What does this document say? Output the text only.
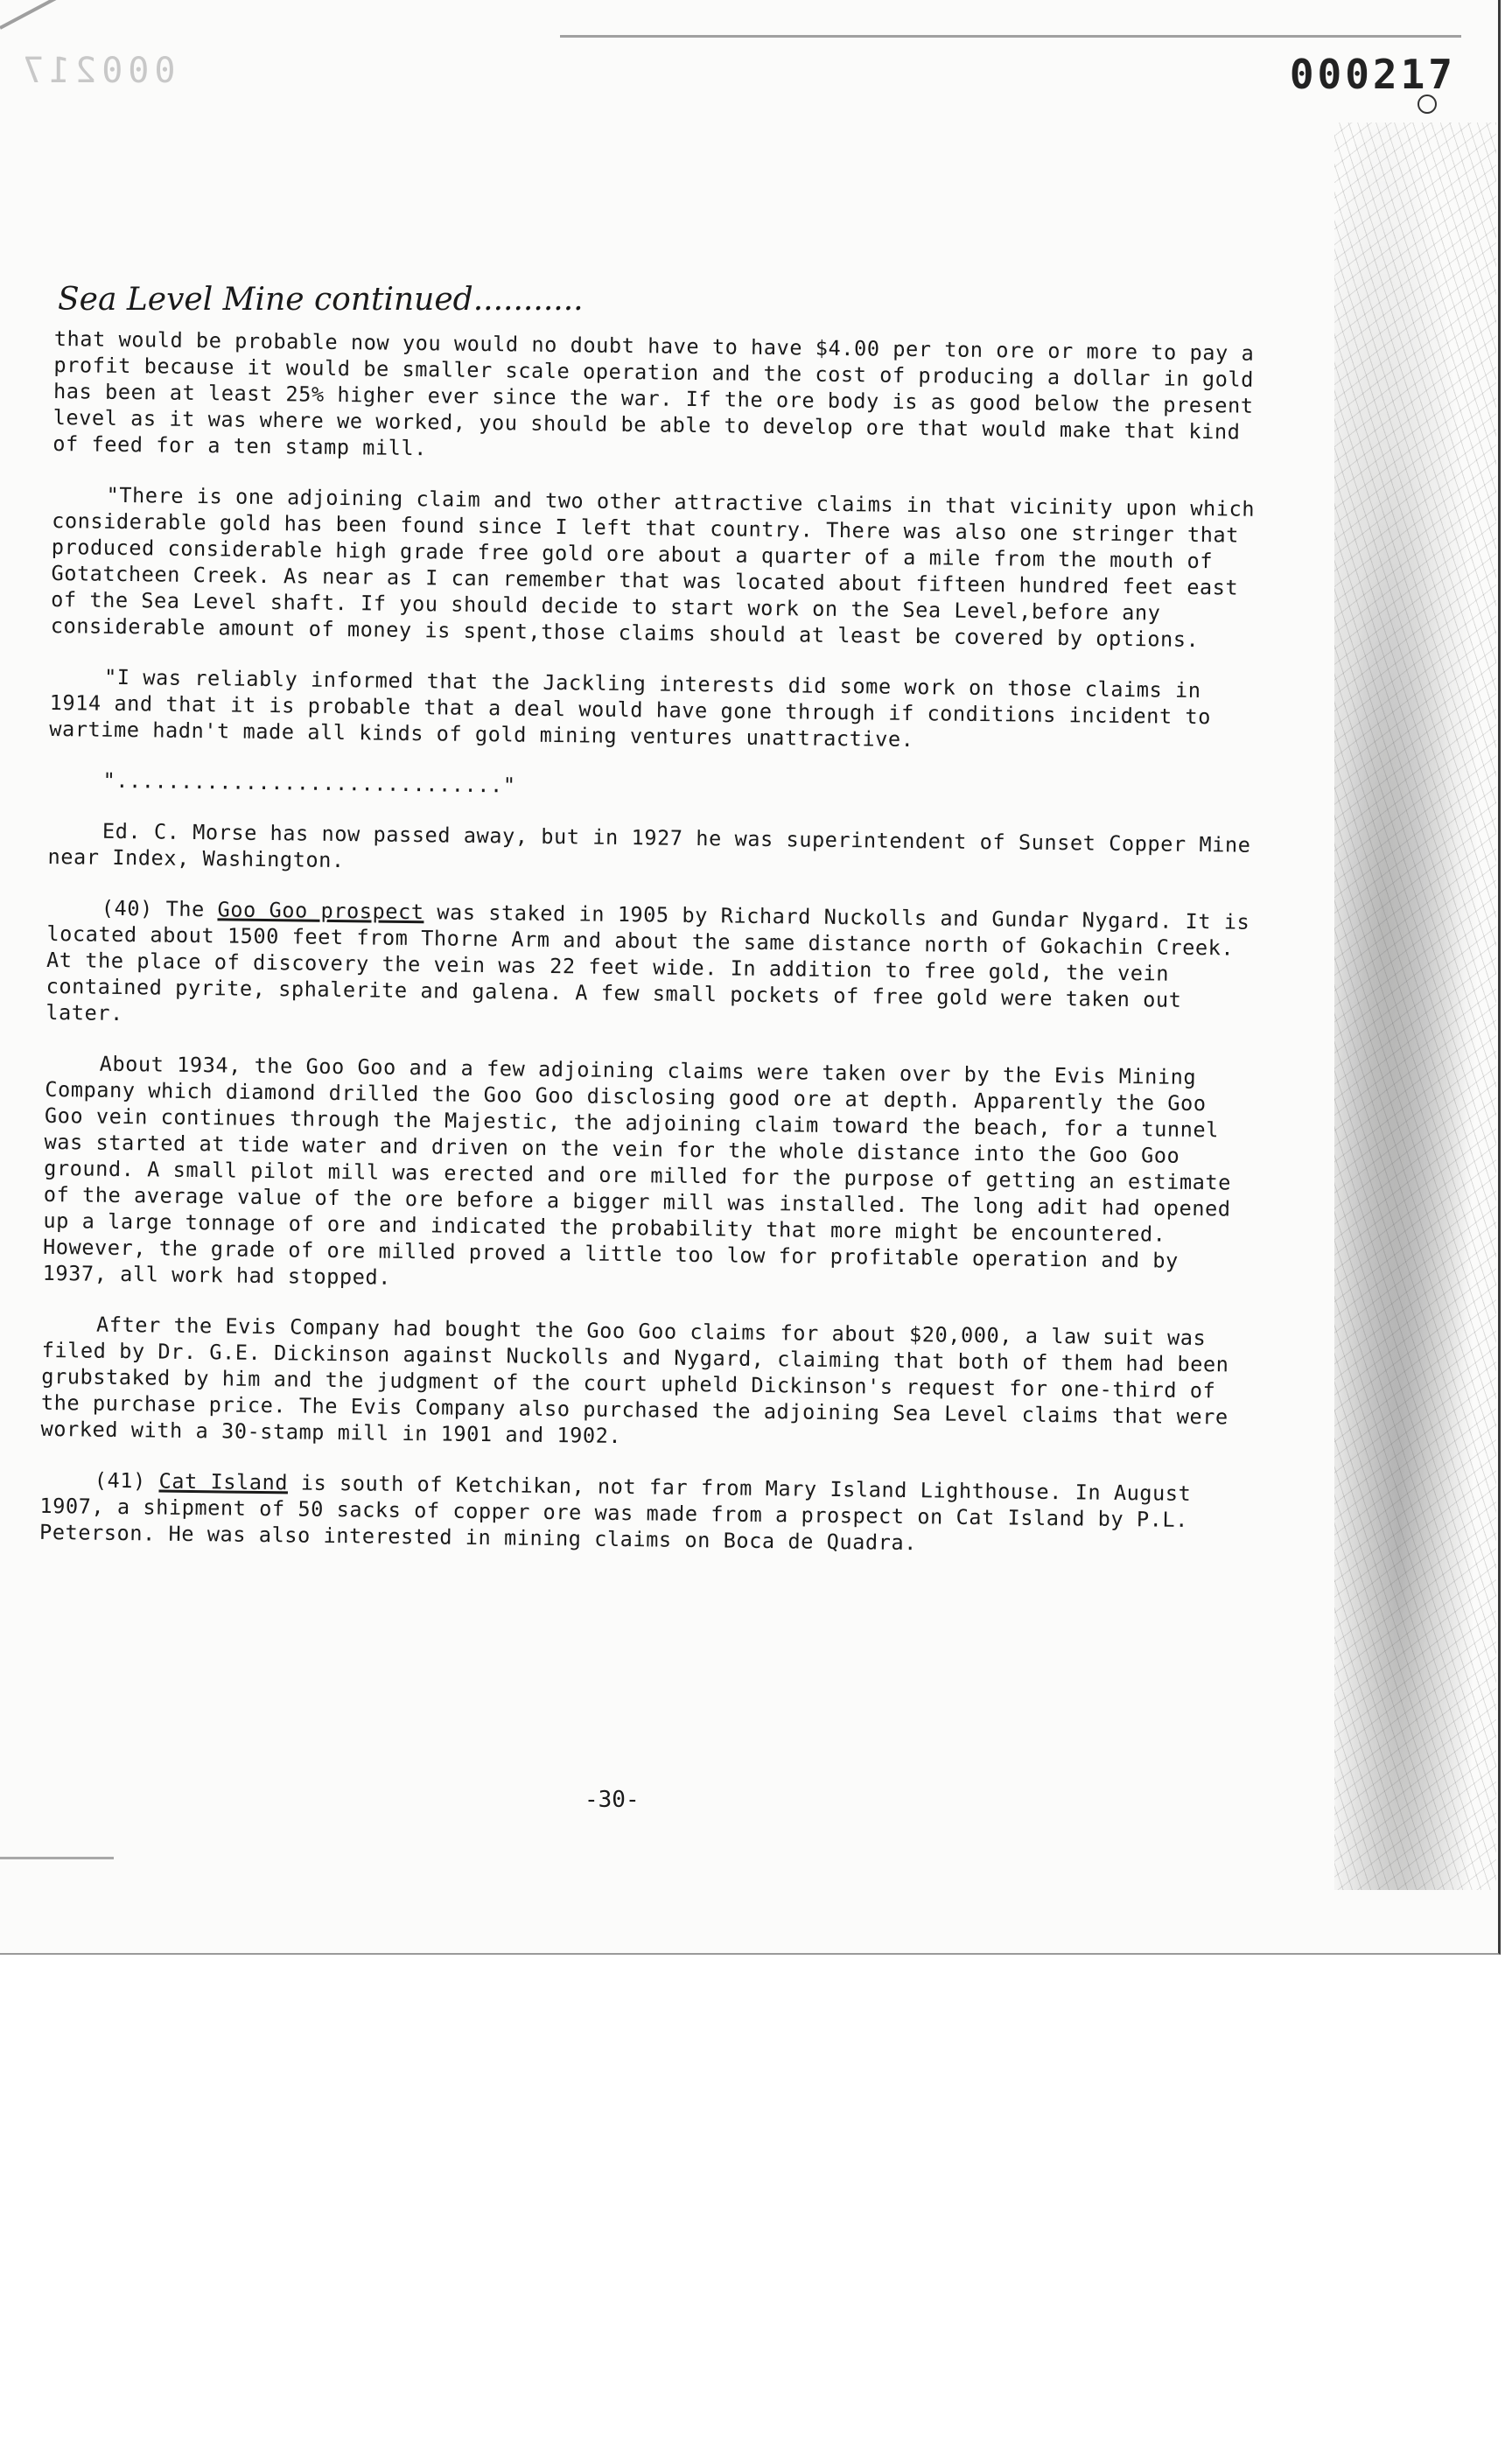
000217	000217
Sea Level Mine continued...........

that would be probable now you would no doubt have to have $4.00 per ton ore or more to pay a profit because it would be smaller scale operation and the cost of producing a dollar in gold has been at least 25% higher ever since the war. If the ore body is as good below the present level as it was where we worked, you should be able to develop ore that would make that kind of feed for a ten stamp mill.

"There is one adjoining claim and two other attractive claims in that vicinity upon which considerable gold has been found since I left that country. There was also one stringer that produced considerable high grade free gold ore about a quarter of a mile from the mouth of Gotatcheen Creek. As near as I can remember that was located about fifteen hundred feet east of the Sea Level shaft. If you should decide to start work on the Sea Level,before any considerable amount of money is spent,those claims should at least be covered by options.

"I was reliably informed that the Jackling interests did some work on those claims in 1914 and that it is probable that a deal would have gone through if conditions incident to wartime hadn't made all kinds of gold mining ventures unattractive.

".............................."

Ed. C. Morse has now passed away, but in 1927 he was superintendent of Sunset Copper Mine near Index, Washington.

(40) The Goo Goo prospect was staked in 1905 by Richard Nuckolls and Gundar Nygard. It is located about 1500 feet from Thorne Arm and about the same distance north of Gokachin Creek. At the place of discovery the vein was 22 feet wide. In addition to free gold, the vein contained pyrite, sphalerite and galena. A few small pockets of free gold were taken out later.

About 1934, the Goo Goo and a few adjoining claims were taken over by the Evis Mining Company which diamond drilled the Goo Goo disclosing good ore at depth. Apparently the Goo Goo vein continues through the Majestic, the adjoining claim toward the beach, for a tunnel was started at tide water and driven on the vein for the whole distance into the Goo Goo ground. A small pilot mill was erected and ore milled for the purpose of getting an estimate of the average value of the ore before a bigger mill was installed. The long adit had opened up a large tonnage of ore and indicated the probability that more might be encountered. However, the grade of ore milled proved a little too low for profitable operation and by 1937, all work had stopped.

After the Evis Company had bought the Goo Goo claims for about $20,000, a law suit was filed by Dr. G.E. Dickinson against Nuckolls and Nygard, claiming that both of them had been grubstaked by him and the judgment of the court upheld Dickinson's request for one-third of the purchase price. The Evis Company also purchased the adjoining Sea Level claims that were worked with a 30-stamp mill in 1901 and 1902.

(41) Cat Island is south of Ketchikan, not far from Mary Island Lighthouse. In August 1907, a shipment of 50 sacks of copper ore was made from a prospect on Cat Island by P.L. Peterson. He was also interested in mining claims on Boca de Quadra.

-30-
